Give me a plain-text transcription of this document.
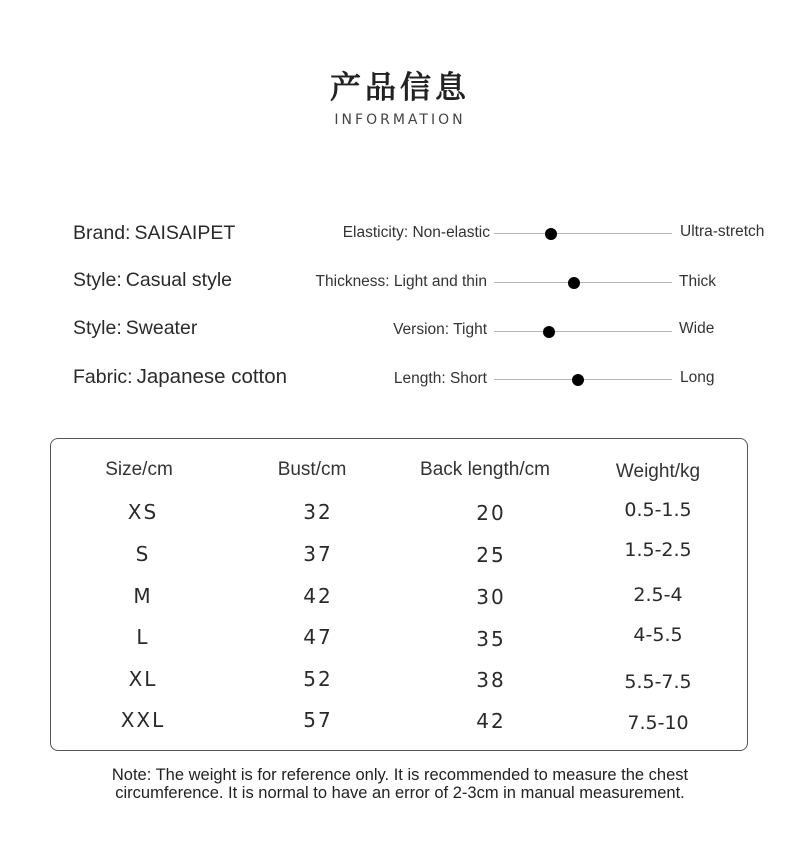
产品信息
INFORMATION
Brand: SAISAIPET
Style: Casual style
Style: Sweater
Fabric: Japanese cotton
Elasticity: Non-elastic	Ultra-stretch
Thickness: Light and thin	Thick
Version: Tight	Wide
Length: Short	Long
Size/cm	Bust/cm	Back length/cm	Weight/kg
XS	32	20	0.5-1.5
S	37	25	1.5-2.5
M	42	30	2.5-4
L	47	35	4-5.5
XL	52	38	5.5-7.5
XXL	57	42	7.5-10
Note: The weight is for reference only. It is recommended to measure the chest
circumference. It is normal to have an error of 2-3cm in manual measurement.
